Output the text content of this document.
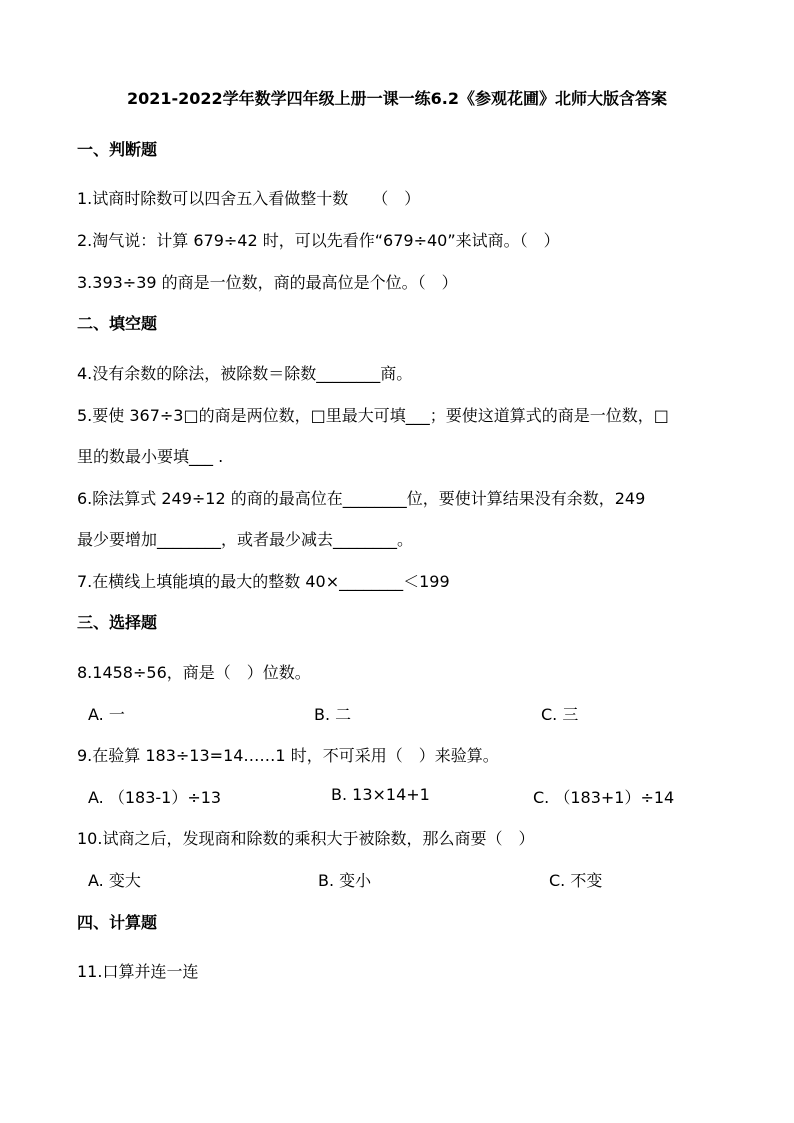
2021-2022学年数学四年级上册一课一练6.2《参观花圃》北师大版含答案
一、判断题
1.试商时除数可以四舍五入看做整十数　　（　）
2.淘气说：计算 679÷42 时，可以先看作“679÷40”来试商。（　）
3.393÷39 的商是一位数，商的最高位是个位。（　）
二、填空题
4.没有余数的除法，被除数＝除数________商。
5.要使 367÷3□的商是两位数，□里最大可填___；要使这道算式的商是一位数，□
里的数最小要填___ .
6.除法算式 249÷12 的商的最高位在________位，要使计算结果没有余数，249
最少要增加________，或者最少减去________。
7.在横线上填能填的最大的整数 40×________＜199
三、选择题
8.1458÷56，商是（　）位数。
A. 一	B. 二	C. 三
9.在验算 183÷13=14……1 时，不可采用（　）来验算。
A. （183-1）÷13	B. 13×14+1	C. （183+1）÷14
10.试商之后，发现商和除数的乘积大于被除数，那么商要（　）
A. 变大	B. 变小	C. 不变
四、计算题
11.口算并连一连
